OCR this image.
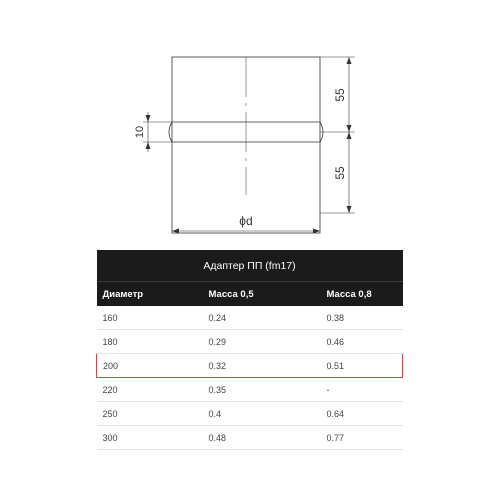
55
55
10
ϕd
Адаптер ПП (fm17)		
Диаметр	Масса 0,5	Масса 0,8
160	0.24	0.38
180	0.29	0.46
200	0.32	0.51
220	0.35	-
250	0.4	0.64
300	0.48	0.77
